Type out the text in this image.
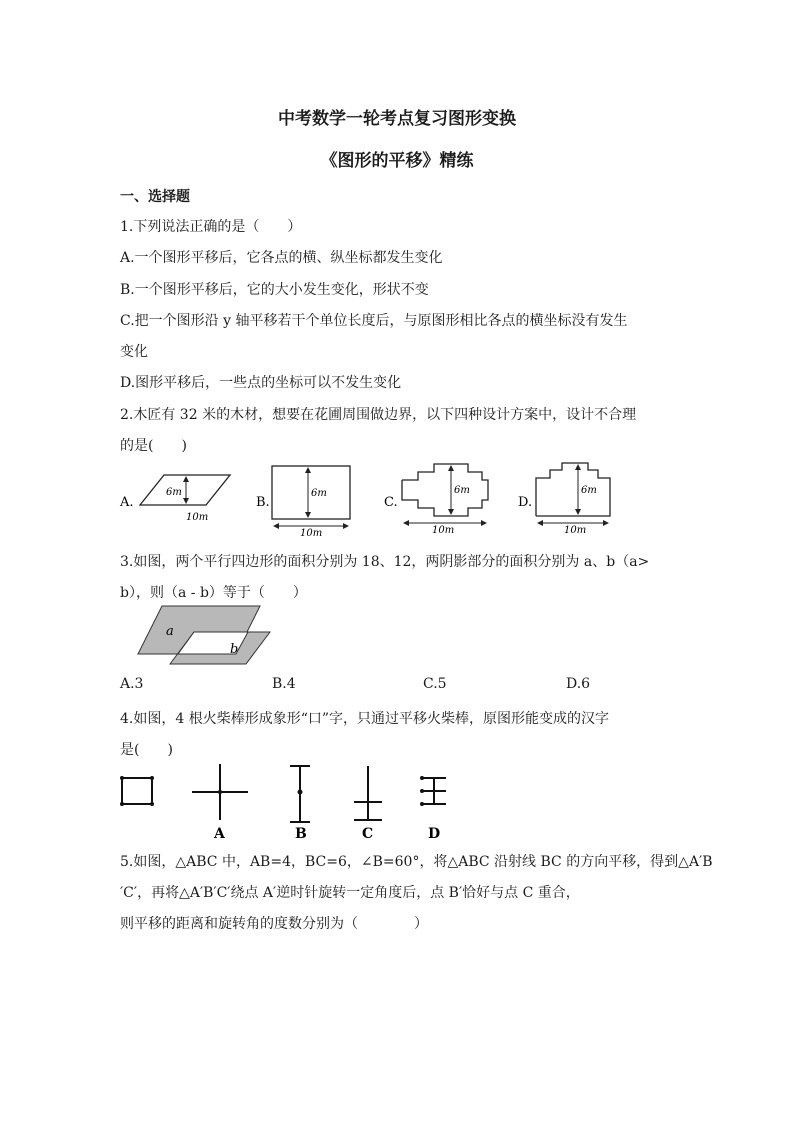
中考数学一轮考点复习图形变换
《图形的平移》精练
一、选择题
1.下列说法正确的是（　　）
A.一个图形平移后，它各点的横、纵坐标都发生变化
B.一个图形平移后，它的大小发生变化，形状不变
C.把一个图形沿 y 轴平移若干个单位长度后，与原图形相比各点的横坐标没有发生
变化
D.图形平移后，一些点的坐标可以不发生变化
2.木匠有 32 米的木材，想要在花圃周围做边界，以下四种设计方案中，设计不合理
的是(　　)
A.
6m
10m
B.
6m
10m
C.
6m
10m
D.
6m
10m
3.如图，两个平行四边形的面积分别为 18、12，两阴影部分的面积分别为 a、b（a>
b），则（a - b）等于（　　）
a
b
A.3	B.4	C.5	D.6
4.如图，4 根火柴棒形成象形“口”字，只通过平移火柴棒，原图形能变成的汉字
是(　　)
A	B	C	D
5.如图，△ABC 中，AB=4，BC=6，∠B=60°，将△ABC 沿射线 BC 的方向平移，得到△A′B
′C′，再将△A′B′C′绕点 A′逆时针旋转一定角度后，点 B′恰好与点 C 重合，
则平移的距离和旋转角的度数分别为（　　　　）
